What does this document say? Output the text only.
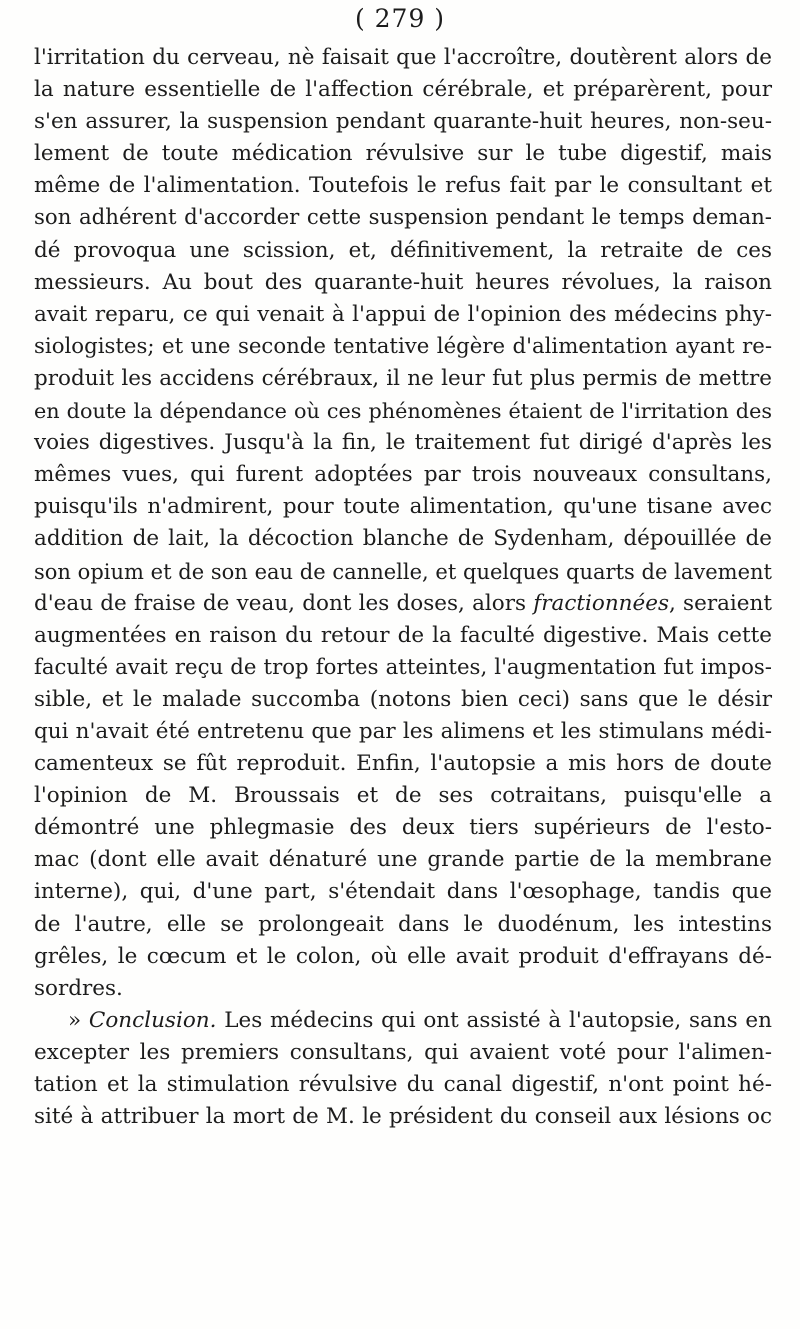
( 279 )
l'irritation du cerveau, nè faisait que l'accroître, doutèrent alors de
la nature essentielle de l'affection cérébrale, et préparèrent, pour
s'en assurer, la suspension pendant quarante-huit heures, non-seu-
lement de toute médication révulsive sur le tube digestif, mais
même de l'alimentation. Toutefois le refus fait par le consultant et
son adhérent d'accorder cette suspension pendant le temps deman-
dé provoqua une scission, et, définitivement, la retraite de ces
messieurs. Au bout des quarante-huit heures révolues, la raison
avait reparu, ce qui venait à l'appui de l'opinion des médecins phy-
siologistes; et une seconde tentative légère d'alimentation ayant re-
produit les accidens cérébraux, il ne leur fut plus permis de mettre
en doute la dépendance où ces phénomènes étaient de l'irritation des
voies digestives. Jusqu'à la fin, le traitement fut dirigé d'après les
mêmes vues, qui furent adoptées par trois nouveaux consultans,
puisqu'ils n'admirent, pour toute alimentation, qu'une tisane avec
addition de lait, la décoction blanche de Sydenham, dépouillée de
son opium et de son eau de cannelle, et quelques quarts de lavement
d'eau de fraise de veau, dont les doses, alors fractionnées, seraient
augmentées en raison du retour de la faculté digestive. Mais cette
faculté avait reçu de trop fortes atteintes, l'augmentation fut impos-
sible, et le malade succomba (notons bien ceci) sans que le désir
qui n'avait été entretenu que par les alimens et les stimulans médi-
camenteux se fût reproduit. Enfin, l'autopsie a mis hors de doute
l'opinion de M. Broussais et de ses cotraitans, puisqu'elle a
démontré une phlegmasie des deux tiers supérieurs de l'esto-
mac (dont elle avait dénaturé une grande partie de la membrane
interne), qui, d'une part, s'étendait dans l'œsophage, tandis que
de l'autre, elle se prolongeait dans le duodénum, les intestins
grêles, le cœcum et le colon, où elle avait produit d'effrayans dé-
sordres.
» Conclusion. Les médecins qui ont assisté à l'autopsie, sans en
excepter les premiers consultans, qui avaient voté pour l'alimen-
tation et la stimulation révulsive du canal digestif, n'ont point hé-
sité à attribuer la mort de M. le président du conseil aux lésions oc
